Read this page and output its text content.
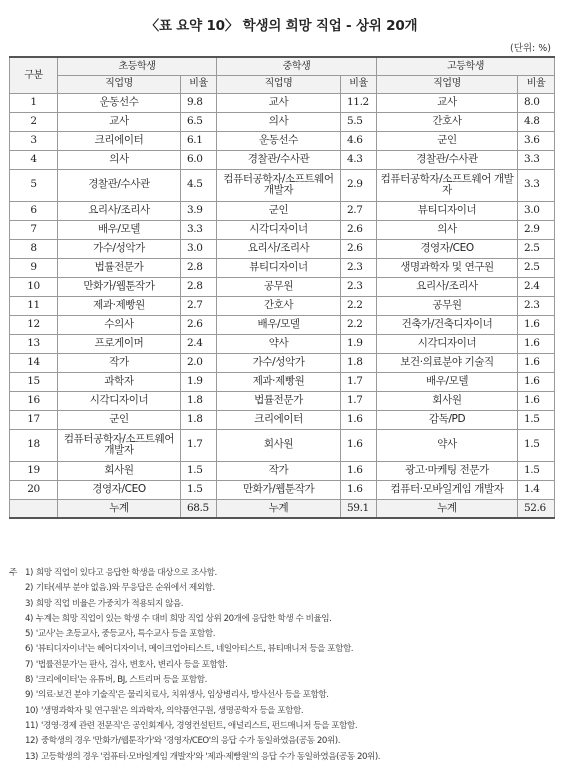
〈표 요약 10〉 학생의 희망 직업 - 상위 20개
(단위: %)
구분	초등학생		중학생		고등학생	
	직업명	비율	직업명	비율	직업명	비율
1	운동선수	9.8	교사	11.2	교사	8.0
2	교사	6.5	의사	5.5	간호사	4.8
3	크리에이터	6.1	운동선수	4.6	군인	3.6
4	의사	6.0	경찰관/수사관	4.3	경찰관/수사관	3.3
5	경찰관/수사관	4.5	컴퓨터공학자/소프트웨어 개발자	2.9	컴퓨터공학자/소프트웨어 개발자	3.3
6	요리사/조리사	3.9	군인	2.7	뷰티디자이너	3.0
7	배우/모델	3.3	시각디자이너	2.6	의사	2.9
8	가수/성악가	3.0	요리사/조리사	2.6	경영자/CEO	2.5
9	법률전문가	2.8	뷰티디자이너	2.3	생명과학자 및 연구원	2.5
10	만화가/웹툰작가	2.8	공무원	2.3	요리사/조리사	2.4
11	제과·제빵원	2.7	간호사	2.2	공무원	2.3
12	수의사	2.6	배우/모델	2.2	건축가/건축디자이너	1.6
13	프로게이머	2.4	약사	1.9	시각디자이너	1.6
14	작가	2.0	가수/성악가	1.8	보건·의료분야 기술직	1.6
15	과학자	1.9	제과·제빵원	1.7	배우/모델	1.6
16	시각디자이너	1.8	법률전문가	1.7	회사원	1.6
17	군인	1.8	크리에이터	1.6	감독/PD	1.5
18	컴퓨터공학자/소프트웨어 개발자	1.7	회사원	1.6	약사	1.5
19	회사원	1.5	작가	1.6	광고·마케팅 전문가	1.5
20	경영자/CEO	1.5	만화가/웹툰작가	1.6	컴퓨터·모바일게임 개발자	1.4
	누계	68.5	누계	59.1	누계	52.6
주 1) 희망 직업이 있다고 응답한 학생을 대상으로 조사함.
2) 기타(세부 분야 없음.)와 무응답은 순위에서 제외함.
3) 희망 직업 비율은 가중치가 적용되지 않음.
4) 누계는 희망 직업이 있는 학생 수 대비 희망 직업 상위 20개에 응답한 학생 수 비율임.
5) '교사'는 초등교사, 중등교사, 특수교사 등을 포함함.
6) '뷰티디자이너'는 헤어디자이너, 메이크업아티스트, 네일아티스트, 뷰티매니저 등을 포함함.
7) '법률전문가'는 판사, 검사, 변호사, 변리사 등을 포함함.
8) '크리에이터'는 유튜버, BJ, 스트리머 등을 포함함.
9) '의료·보건 분야 기술직'은 물리치료사, 치위생사, 임상병리사, 방사선사 등을 포함함.
10) '생명과학자 및 연구원'은 의과학자, 의약품연구원, 생명공학자 등을 포함함.
11) '경영·경제 관련 전문직'은 공인회계사, 경영컨설턴트, 애널리스트, 펀드매니저 등을 포함함.
12) 중학생의 경우 '만화가/웹툰작가'와 '경영자/CEO'의 응답 수가 동일하였음(공동 20위).
13) 고등학생의 경우 '컴퓨터·모바일게임 개발자'와 '제과·제빵원'의 응답 수가 동일하였음(공동 20위).
